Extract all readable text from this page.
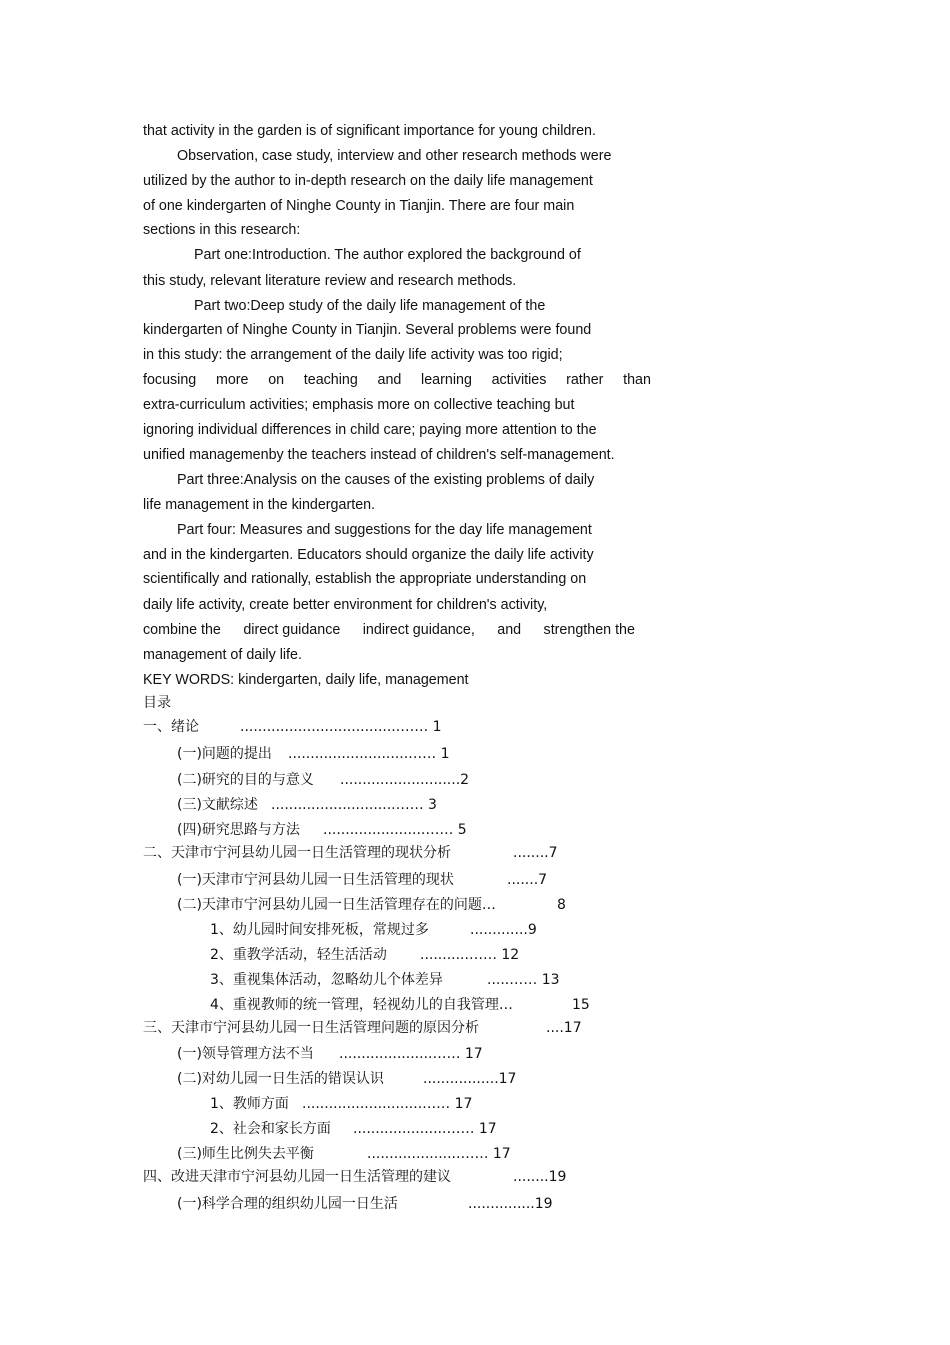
that activity in the garden is of significant importance for young children.
Observation, case study, interview and other research methods were
utilized by the author to in-depth research on the daily life management
of one kindergarten of Ninghe County in Tianjin. There are four main
sections in this research:
Part one:Introduction. The author explored the background of
this study, relevant literature review and research methods.
Part two:Deep study of the daily life management of the
kindergarten of Ninghe County in Tianjin. Several problems were found
in this study: the arrangement of the daily life activity was too rigid;
focusing more on teaching and learning activities rather than
extra-curriculum activities; emphasis more on collective teaching but
ignoring individual differences in child care; paying more attention to the
unified managemenby the teachers instead of children's self-management.
Part three:Analysis on the causes of the existing problems of daily
life management in the kindergarten.
Part four: Measures and suggestions for the day life management
and in the kindergarten. Educators should organize the daily life activity
scientifically and rationally, establish the appropriate understanding on
daily life activity, create better environment for children's activity,
combine the direct guidance indirect guidance, and strengthen the
management of daily life.
KEY WORDS: kindergarten, daily life, management
目录
一、绪论	....................................…… 1
(一)问题的提出 ...........................…… 1
(二)研究的目的与意义 ...........................2
(三)文献综述 ............................…… 3
(四)研究思路与方法 .......................…… 5
二、天津市宁河县幼儿园一日生活管理的现状分析	........7
(一)天津市宁河县幼儿园一日生活管理的现状	.......7
(二)天津市宁河县幼儿园一日生活管理存在的问题…	8
1、幼儿园时间安排死板，常规过多	.............9
2、重教学活动，轻生活活动 ...........…… 12
3、重视集体活动，忽略幼儿个体差异	.....…… 13
4、重视教师的统一管理，轻视幼儿的自我管理…	15
三、天津市宁河县幼儿园一日生活管理问题的原因分析	....17
(一)领导管理方法不当 .....................…… 17
(二)对幼儿园一日生活的错误认识	.................17
1、教师方面 ...........................…… 17
2、社会和家长方面 .....................…… 17
(三)师生比例失去平衡	.....................…… 17
四、改进天津市宁河县幼儿园一日生活管理的建议	........19
(一)科学合理的组织幼儿园一日生活	...............19
